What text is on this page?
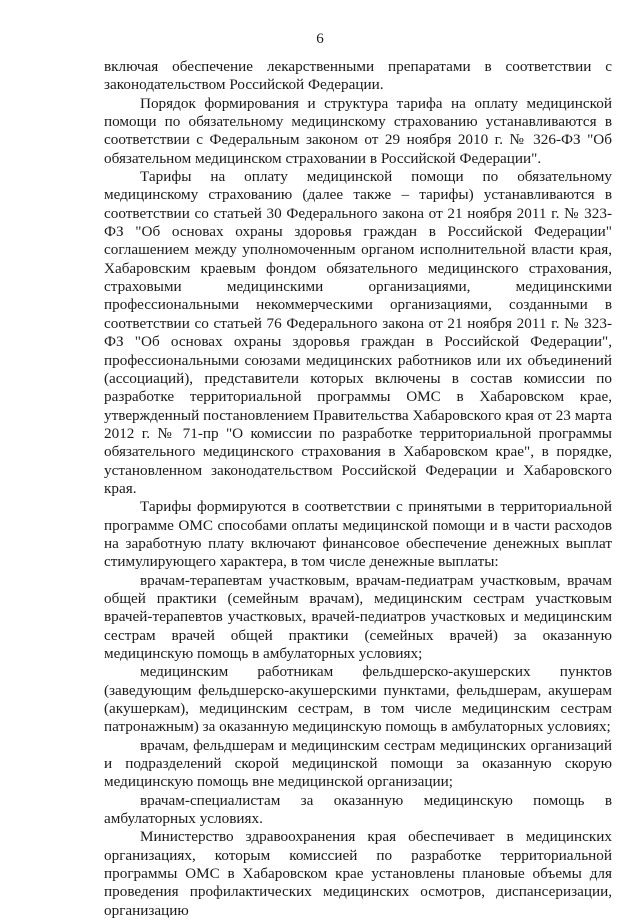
6

включая обеспечение лекарственными препаратами в соответствии с законодательством Российской Федерации.

Порядок формирования и структура тарифа на оплату медицинской помощи по обязательному медицинскому страхованию устанавливаются в соответствии с Федеральным законом от 29 ноября 2010 г. № 326-ФЗ "Об обязательном медицинском страховании в Российской Федерации".

Тарифы на оплату медицинской помощи по обязательному медицинскому страхованию (далее также – тарифы) устанавливаются в соответствии со статьей 30 Федерального закона от 21 ноября 2011 г. № 323-ФЗ "Об основах охраны здоровья граждан в Российской Федерации" соглашением между уполномоченным органом исполнительной власти края, Хабаровским краевым фондом обязательного медицинского страхования, страховыми медицинскими организациями, медицинскими профессиональными некоммерческими организациями, созданными в соответствии со статьей 76 Федерального закона от 21 ноября 2011 г. № 323-ФЗ "Об основах охраны здоровья граждан в Российской Федерации", профессиональными союзами медицинских работников или их объединений (ассоциаций), представители которых включены в состав комиссии по разработке территориальной программы ОМС в Хабаровском крае, утвержденный постановлением Правительства Хабаровского края от 23 марта 2012 г. № 71-пр "О комиссии по разработке территориальной программы обязательного медицинского страхования в Хабаровском крае", в порядке, установленном законодательством Российской Федерации и Хабаровского края.

Тарифы формируются в соответствии с принятыми в территориальной программе ОМС способами оплаты медицинской помощи и в части расходов на заработную плату включают финансовое обеспечение денежных выплат стимулирующего характера, в том числе денежные выплаты:

врачам-терапевтам участковым, врачам-педиатрам участковым, врачам общей практики (семейным врачам), медицинским сестрам участковым врачей-терапевтов участковых, врачей-педиатров участковых и медицинским сестрам врачей общей практики (семейных врачей) за оказанную медицинскую помощь в амбулаторных условиях;

медицинским работникам фельдшерско-акушерских пунктов (заведующим фельдшерско-акушерскими пунктами, фельдшерам, акушерам (акушеркам), медицинским сестрам, в том числе медицинским сестрам патронажным) за оказанную медицинскую помощь в амбулаторных условиях;

врачам, фельдшерам и медицинским сестрам медицинских организаций и подразделений скорой медицинской помощи за оказанную скорую медицинскую помощь вне медицинской организации;

врачам-специалистам за оказанную медицинскую помощь в амбулаторных условиях.

Министерство здравоохранения края обеспечивает в медицинских организациях, которым комиссией по разработке территориальной программы ОМС в Хабаровском крае установлены плановые объемы для проведения профилактических медицинских осмотров, диспансеризации, организацию
